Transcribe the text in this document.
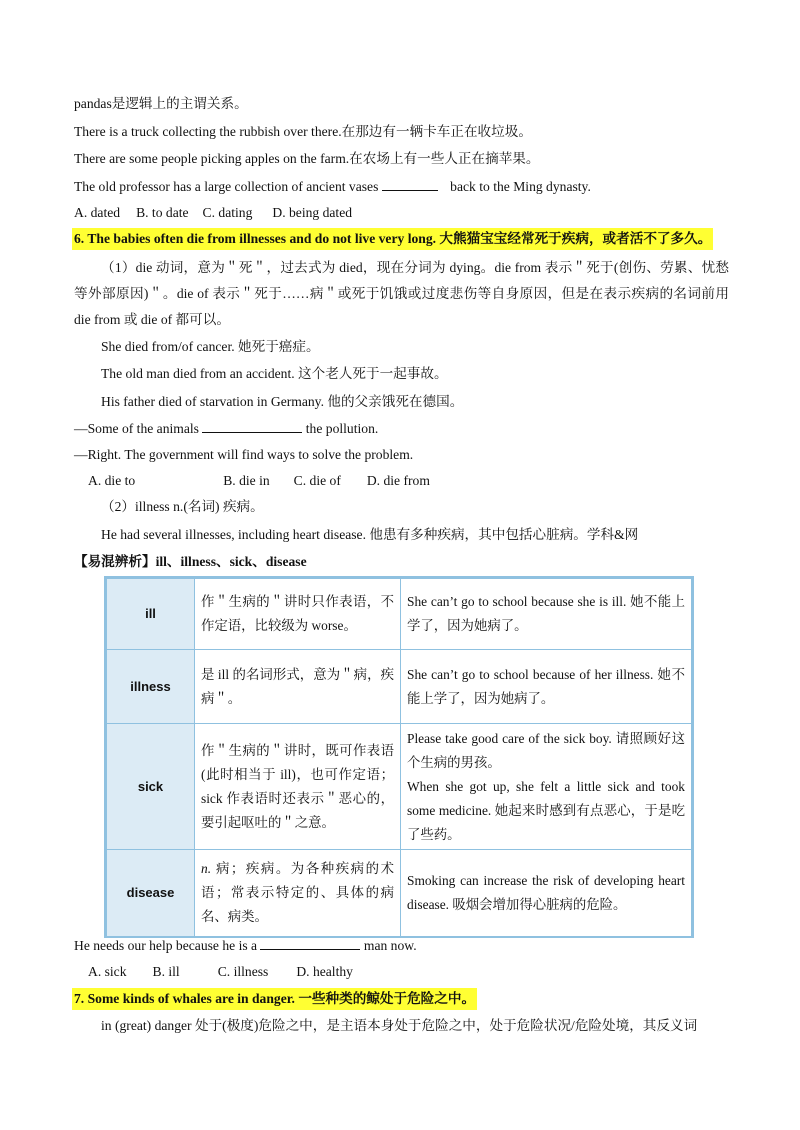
pandas是逻辑上的主谓关系。
There is a truck collecting the rubbish over there.在那边有一辆卡车正在收垃圾。
There are some people picking apples on the farm.在农场上有一些人正在摘苹果。
The old professor has a large collection of ancient vases	back to the Ming dynasty.
A. dated B. to date C. dating D. being dated
6. The babies often die from illnesses and do not live very long. 大熊猫宝宝经常死于疾病，或者活不了多久。
（1）die 动词，意为＂死＂，过去式为 died，现在分词为 dying。die from 表示＂死于(创伤、劳累、忧愁等外部原因)＂。die of 表示＂死于……病＂或死于饥饿或过度悲伤等自身原因，但是在表示疾病的名词前用 die from 或 die of 都可以。
She died from/of cancer. 她死于癌症。
The old man died from an accident. 这个老人死于一起事故。
His father died of starvation in Germany. 他的父亲饿死在德国。
—Some of the animals	the pollution.
—Right. The government will find ways to solve the problem.
A. die to	B. die in C. die of D. die from
（2）illness n.(名词) 疾病。
He had several illnesses, including heart disease. 他患有多种疾病，其中包括心脏病。学科&网
【易混辨析】ill、illness、sick、disease
ill	作＂生病的＂讲时只作表语，不作定语，比较级为 worse。	She can’t go to school because she is ill. 她不能上学了，因为她病了。
illness	是 ill 的名词形式，意为＂病，疾病＂。	She can’t go to school because of her illness. 她不能上学了，因为她病了。
sick	作＂生病的＂讲时，既可作表语(此时相当于 ill)，也可作定语；sick 作表语时还表示＂恶心的，要引起呕吐的＂之意。	Please take good care of the sick boy. 请照顾好这个生病的男孩。
When she got up, she felt a little sick and took some medicine. 她起来时感到有点恶心，于是吃了些药。

disease	n. 病；疾病。为各种疾病的术语；常表示特定的、具体的病名、病类。	Smoking can increase the risk of developing heart disease. 吸烟会增加得心脏病的危险。
He needs our help because he is a	man now.
A. sick B. ill	C. illness D. healthy
7. Some kinds of whales are in danger. 一些种类的鲸处于危险之中。
in (great) danger 处于(极度)危险之中，是主语本身处于危险之中，处于危险状况/危险处境，其反义词
